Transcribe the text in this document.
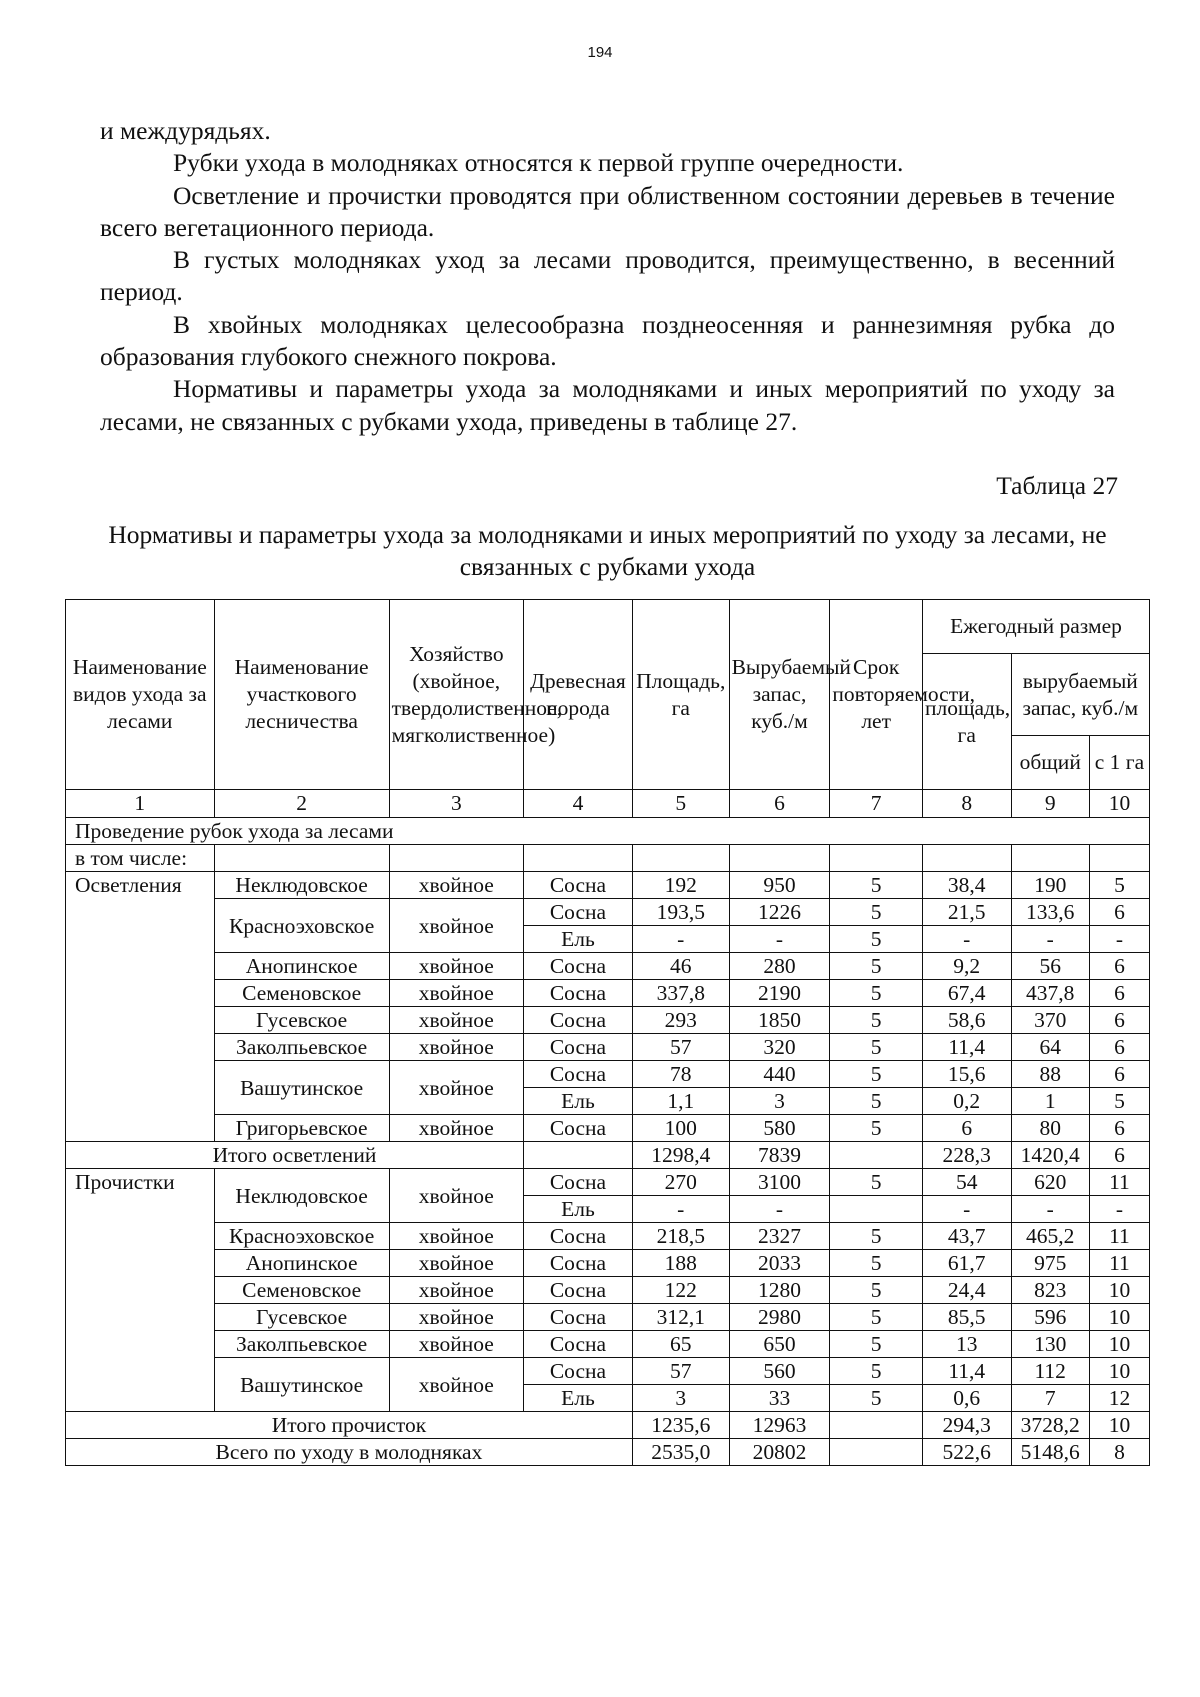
194

и междурядьях.

Рубки ухода в молодняках относятся к первой группе очередности.

Осветление и прочистки проводятся при облиственном состоянии деревьев в течение всего вегетационного периода.

В густых молодняках уход за лесами проводится, преимущественно, в весенний период.

В хвойных молодняках целесообразна позднеосенняя и раннезимняя рубка до образования глубокого снежного покрова.

Нормативы и параметры ухода за молодняками и иных мероприятий по уходу за лесами, не связанных с рубками ухода, приведены в таблице 27.

Таблица 27
Нормативы и параметры ухода за молодняками и иных мероприятий по уходу за лесами, не связанных с рубками ухода
Наименование видов ухода за лесами	Наименование участкового лесничества	Хозяйство (хвойное, твердолиственное, мягколиственное)	Древесная порода	Площадь, га	Вырубаемый запас, куб./м	Срок повторяемости, лет	Ежегодный размер		
							площадь, га	вырубаемый запас, куб./м	
								общий	с 1 га
1	2	3	4	5	6	7	8	9	10
Проведение рубок ухода за лесами									
в том числе:									
Осветления	Неклюдовское	хвойное	Сосна	192	950	5	38,4	190	5
	Красноэховское	хвойное	Сосна	193,5	1226	5	21,5	133,6	6
			Ель	-	-	5	-	-	-
	Анопинское	хвойное	Сосна	46	280	5	9,2	56	6
	Семеновское	хвойное	Сосна	337,8	2190	5	67,4	437,8	6
	Гусевское	хвойное	Сосна	293	1850	5	58,6	370	6
	Заколпьевское	хвойное	Сосна	57	320	5	11,4	64	6
	Вашутинское	хвойное	Сосна	78	440	5	15,6	88	6
			Ель	1,1	3	5	0,2	1	5
	Григорьевское	хвойное	Сосна	100	580	5	6	80	6
Итого осветлений				1298,4	7839		228,3	1420,4	6
Прочистки	Неклюдовское	хвойное	Сосна	270	3100	5	54	620	11
			Ель	-	-		-	-	-
	Красноэховское	хвойное	Сосна	218,5	2327	5	43,7	465,2	11
	Анопинское	хвойное	Сосна	188	2033	5	61,7	975	11
	Семеновское	хвойное	Сосна	122	1280	5	24,4	823	10
	Гусевское	хвойное	Сосна	312,1	2980	5	85,5	596	10
	Заколпьевское	хвойное	Сосна	65	650	5	13	130	10
	Вашутинское	хвойное	Сосна	57	560	5	11,4	112	10
			Ель	3	33	5	0,6	7	12
Итого прочисток				1235,6	12963		294,3	3728,2	10
Всего по уходу в молодняках				2535,0	20802		522,6	5148,6	8
